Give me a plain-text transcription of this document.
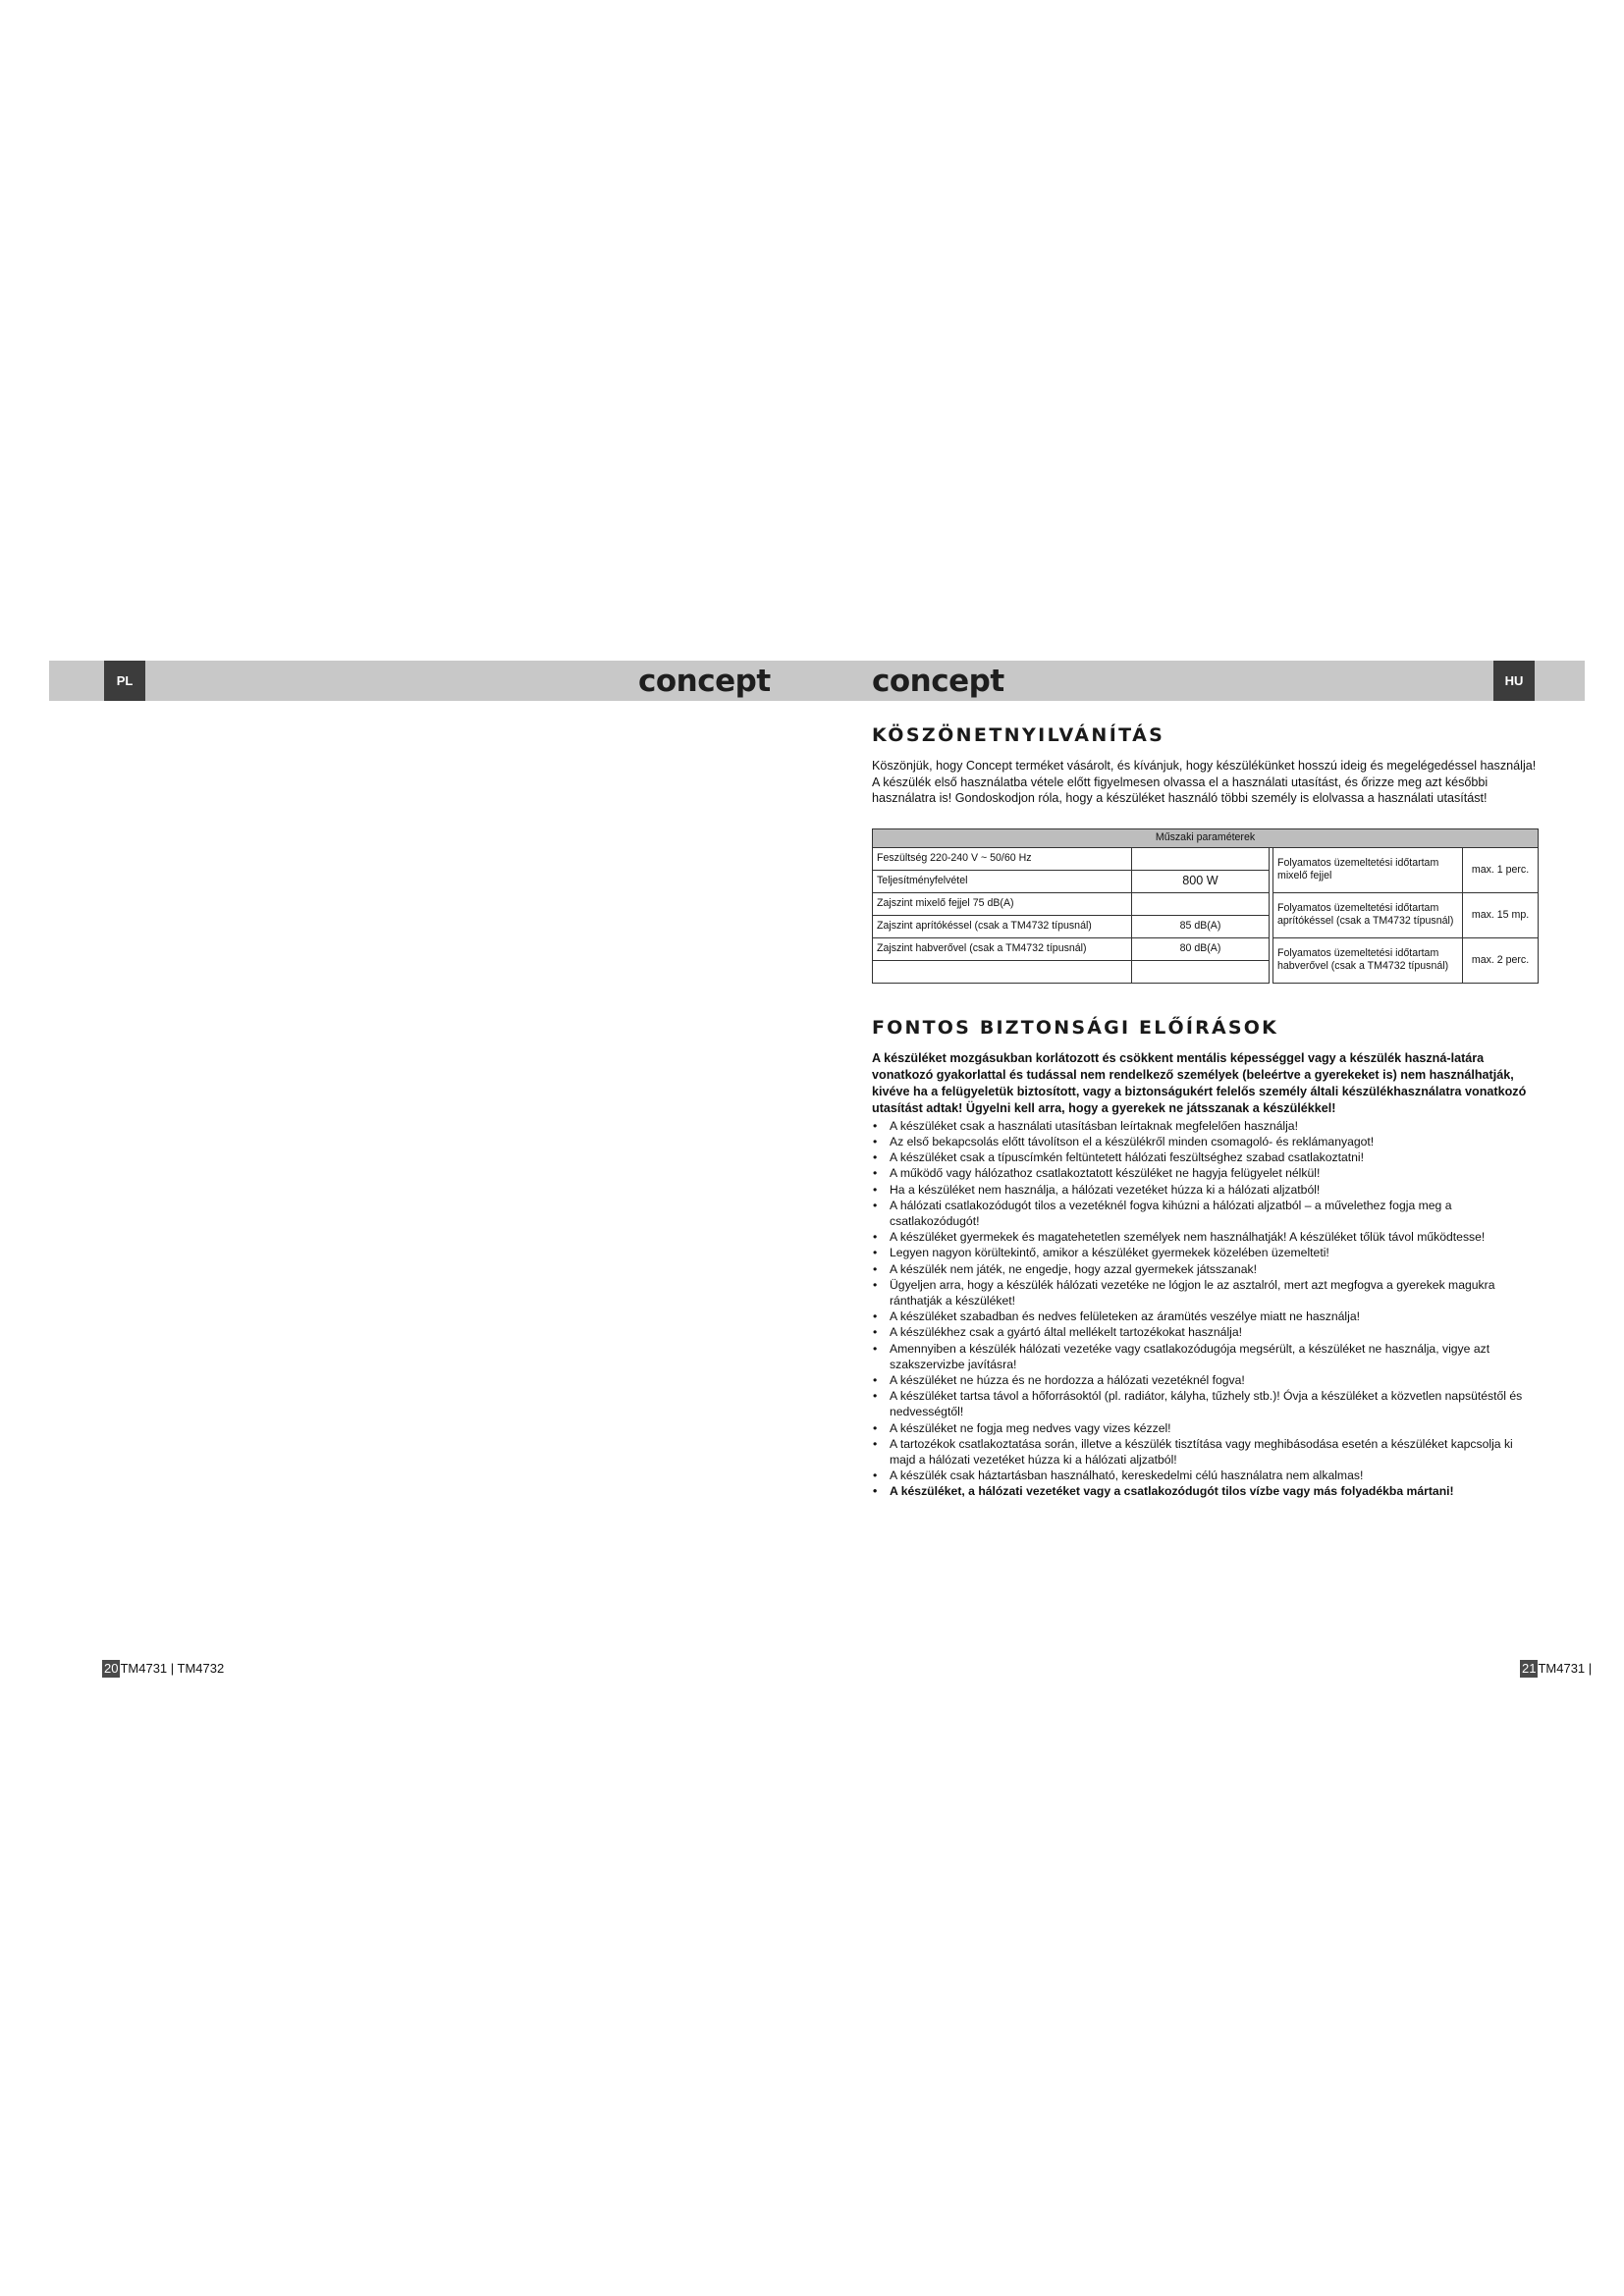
PL	concept	concept	HU
KÖSZÖNETNYILVÁNÍTÁS

Köszönjük, hogy Concept terméket vásárolt, és kívánjuk, hogy készülékünket hosszú ideig és megelégedéssel használja!

A készülék első használatba vétele előtt figyelmesen olvassa el a használati utasítást, és őrizze meg azt későbbi használatra is! Gondoskodjon róla, hogy a készüléket használó többi személy is elolvassa a használati utasítást!

Műszaki paraméterek				
Feszültség 220-240 V ~ 50/60 Hz			Folyamatos üzemeltetési időtartam mixelő fejjel	max. 1 perc.
Teljesítményfelvétel	800 W			
Zajszint mixelő fejjel 75 dB(A)			Folyamatos üzemeltetési időtartam aprítókéssel (csak a TM4732 típusnál)	max. 15 mp.
Zajszint aprítókéssel (csak a TM4732 típusnál)	85 dB(A)			
Zajszint habverővel (csak a TM4732 típusnál)	80 dB(A)		Folyamatos üzemeltetési időtartam habverővel (csak a TM4732 típusnál)	max. 2 perc.

FONTOS BIZTONSÁGI ELŐÍRÁSOK
A készüléket mozgásukban korlátozott és csökkent mentális képességgel vagy a készülék haszná-latára vonatkozó gyakorlattal és tudással nem rendelkező személyek (beleértve a gyerekeket is) nem használhatják, kivéve ha a felügyeletük biztosított, vagy a biztonságukért felelős személy általi készülékhasználatra vonatkozó utasítást adtak! Ügyelni kell arra, hogy a gyerekek ne játsszanak a készülékkel!
• A készüléket csak a használati utasításban leírtaknak megfelelően használja!
• Az első bekapcsolás előtt távolítson el a készülékről minden csomagoló- és reklámanyagot!
• A készüléket csak a típuscímkén feltüntetett hálózati feszültséghez szabad csatlakoztatni!
• A működő vagy hálózathoz csatlakoztatott készüléket ne hagyja felügyelet nélkül!
• Ha a készüléket nem használja, a hálózati vezetéket húzza ki a hálózati aljzatból!
• A hálózati csatlakozódugót tilos a vezetéknél fogva kihúzni a hálózati aljzatból – a művelethez fogja meg a csatlakozódugót!
• A készüléket gyermekek és magatehetetlen személyek nem használhatják! A készüléket tőlük távol működtesse!
• Legyen nagyon körültekintő, amikor a készüléket gyermekek közelében üzemelteti!
• A készülék nem játék, ne engedje, hogy azzal gyermekek játsszanak!
• Ügyeljen arra, hogy a készülék hálózati vezetéke ne lógjon le az asztalról, mert azt megfogva a gyerekek magukra ránthatják a készüléket!
• A készüléket szabadban és nedves felületeken az áramütés veszélye miatt ne használja!
• A készülékhez csak a gyártó által mellékelt tartozékokat használja!
• Amennyiben a készülék hálózati vezetéke vagy csatlakozódugója megsérült, a készüléket ne használja, vigye azt szakszervizbe javításra!
• A készüléket ne húzza és ne hordozza a hálózati vezetéknél fogva!
• A készüléket tartsa távol a hőforrásoktól (pl. radiátor, kályha, tűzhely stb.)! Óvja a készüléket a közvetlen napsütéstől és nedvességtől!
• A készüléket ne fogja meg nedves vagy vizes kézzel!
• A tartozékok csatlakoztatása során, illetve a készülék tisztítása vagy meghibásodása esetén a készüléket kapcsolja ki majd a hálózati vezetéket húzza ki a hálózati aljzatból!
• A készülék csak háztartásban használható, kereskedelmi célú használatra nem alkalmas!
• A készüléket, a hálózati vezetéket vagy a csatlakozódugót tilos vízbe vagy más folyadékba mártani!
20 TM4731 | TM4732	21 TM4731 |
